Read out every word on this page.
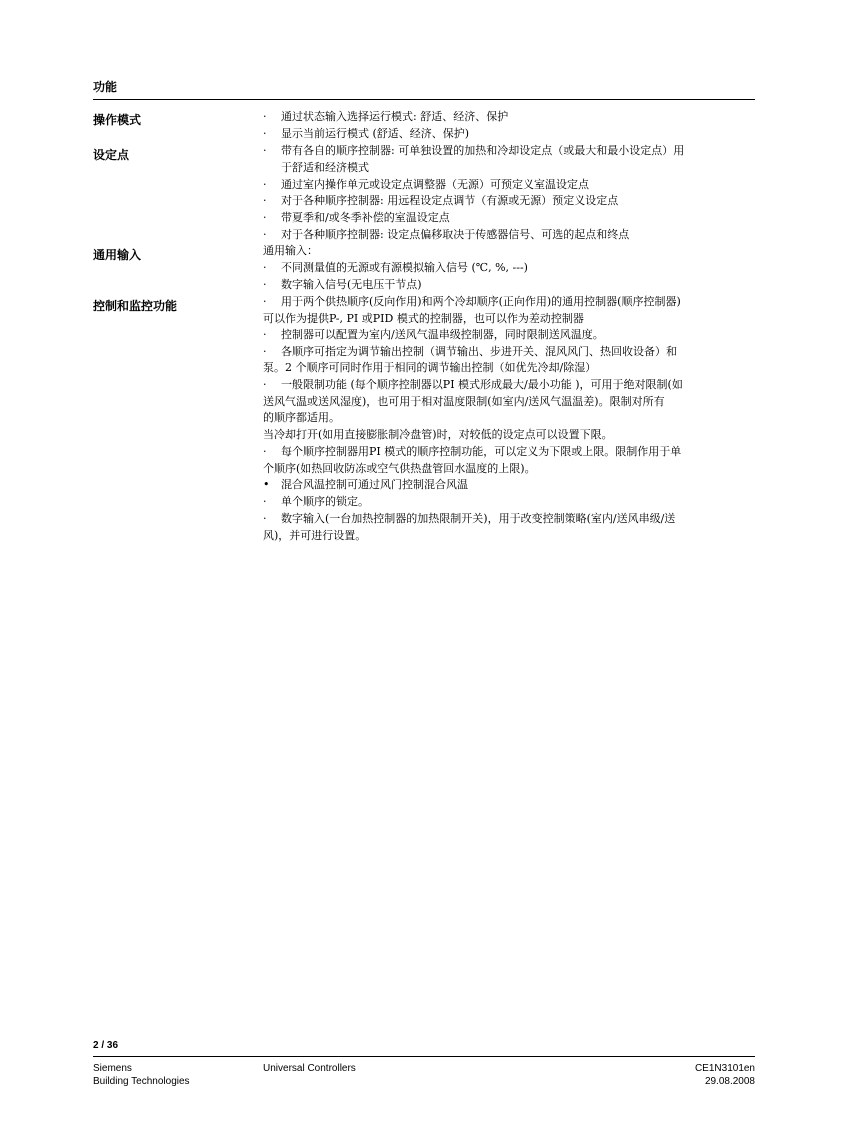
功能
操作模式	· 通过状态输入选择运行模式: 舒适、经济、保护
· 显示当前运行模式 (舒适、经济、保护)
设定点	· 带有各自的顺序控制器: 可单独设置的加热和冷却设定点（或最大和最小设定点）用
于舒适和经济模式
· 通过室内操作单元或设定点调整器（无源）可预定义室温设定点
· 对于各种顺序控制器: 用远程设定点调节（有源或无源）预定义设定点
· 带夏季和/或冬季补偿的室温设定点
· 对于各种顺序控制器: 设定点偏移取决于传感器信号、可选的起点和终点
通用输入	通用输入：
· 不同测量值的无源或有源模拟输入信号 (℃, %, ---)
· 数字输入信号(无电压干节点)
控制和监控功能	· 用于两个供热顺序(反向作用)和两个冷却顺序(正向作用)的通用控制器(顺序控制器)
可以作为提供P-, PI 或PID 模式的控制器，也可以作为差动控制器
· 控制器可以配置为室内/送风气温串级控制器，同时限制送风温度。
· 各顺序可指定为调节输出控制（调节输出、步进开关、混风风门、热回收设备）和
泵。2 个顺序可同时作用于相同的调节输出控制（如优先冷却/除湿）
· 一般限制功能 (每个顺序控制器以PI 模式形成最大/最小功能 )，可用于绝对限制(如
送风气温或送风湿度)，也可用于相对温度限制(如室内/送风气温温差)。限制对所有
的顺序都适用。
当冷却打开(如用直接膨胀制冷盘管)时，对较低的设定点可以设置下限。
· 每个顺序控制器用PI 模式的顺序控制功能，可以定义为下限或上限。限制作用于单
个顺序(如热回收防冻或空气供热盘管回水温度的上限)。
• 混合风温控制可通过风门控制混合风温
· 单个顺序的锁定。
· 数字输入(一台加热控制器的加热限制开关)，用于改变控制策略(室内/送风串级/送
风)，并可进行设置。
2 / 36
Siemens
Building Technologies
Universal Controllers	CE1N3101en
29.08.2008
